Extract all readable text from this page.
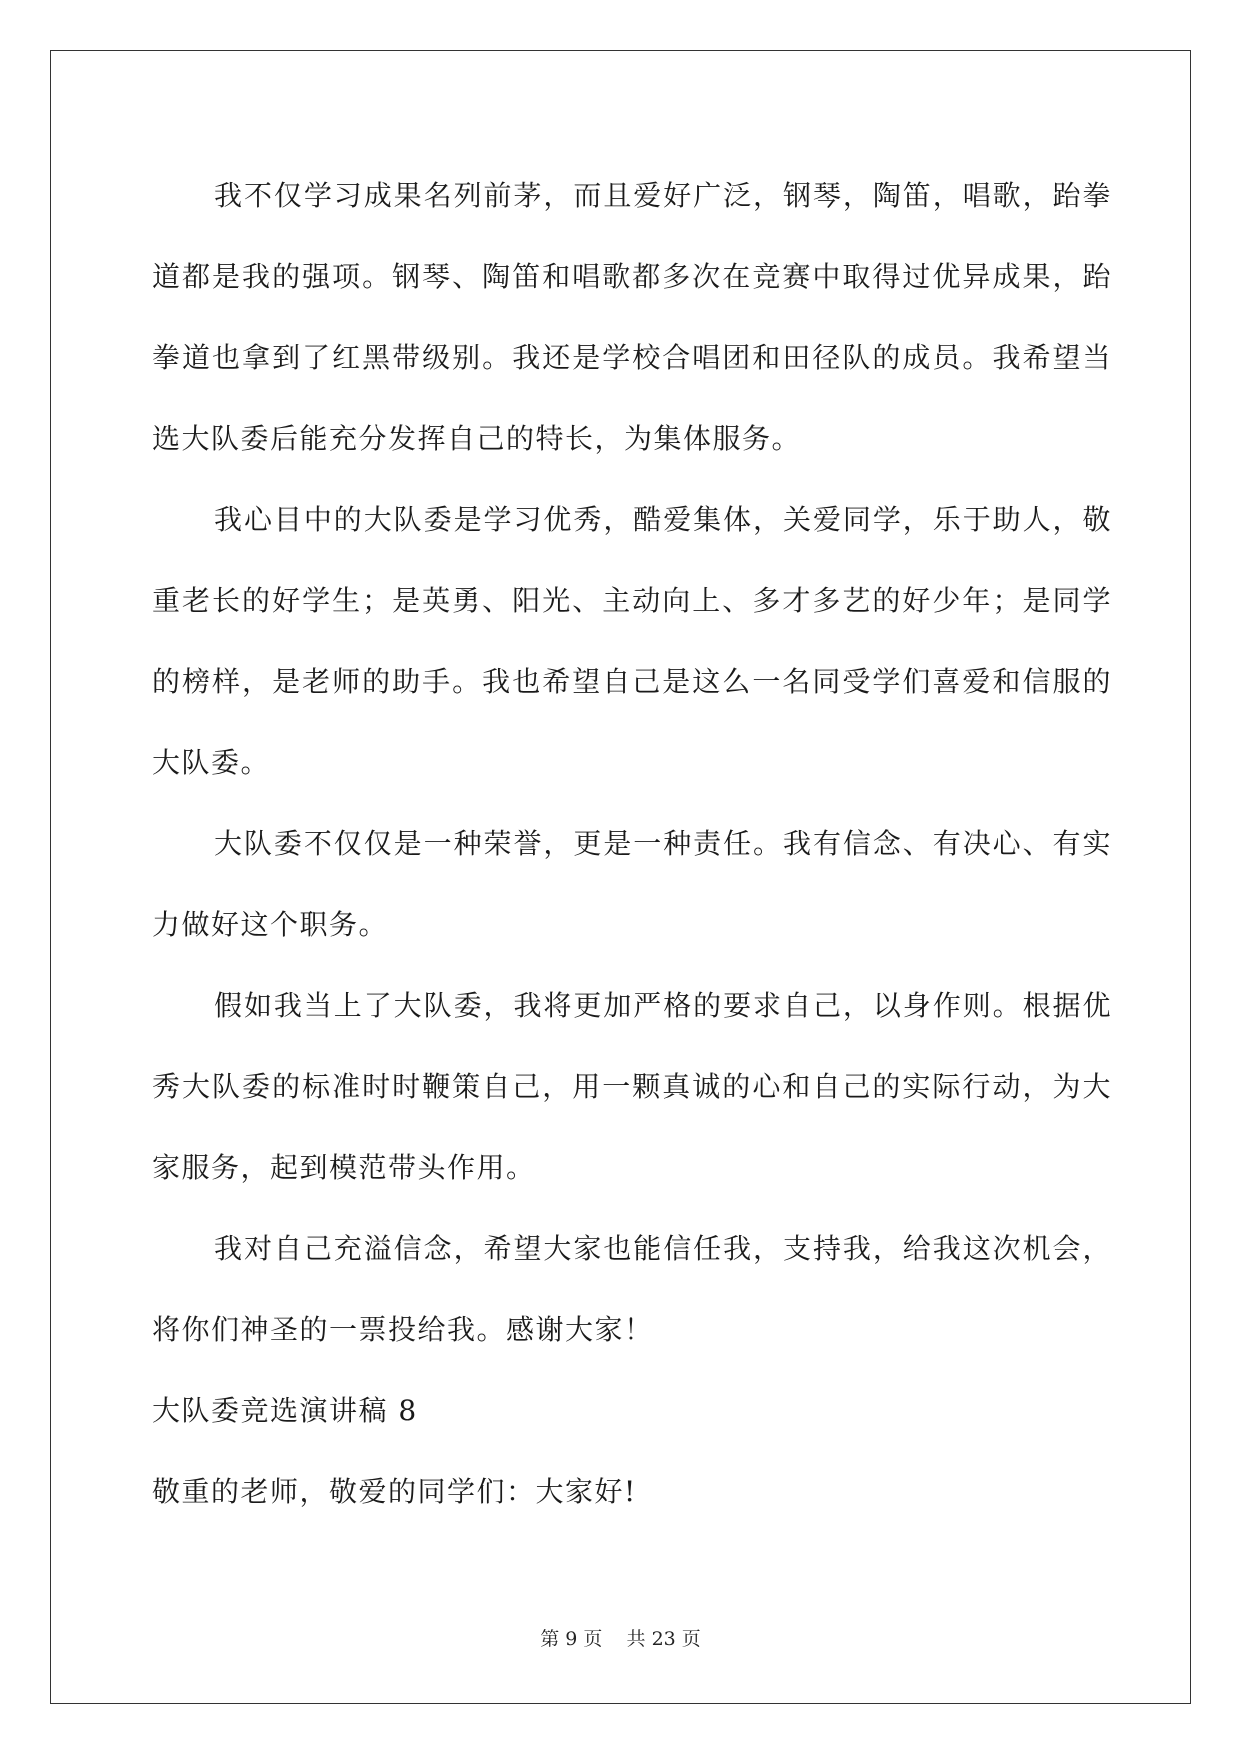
我不仅学习成果名列前茅，而且爱好广泛，钢琴，陶笛，唱歌，跆拳道都是我的强项。钢琴、陶笛和唱歌都多次在竞赛中取得过优异成果，跆拳道也拿到了红黑带级别。我还是学校合唱团和田径队的成员。我希望当选大队委后能充分发挥自己的特长，为集体服务。

我心目中的大队委是学习优秀，酷爱集体，关爱同学，乐于助人，敬重老长的好学生；是英勇、阳光、主动向上、多才多艺的好少年；是同学的榜样，是老师的助手。我也希望自己是这么一名同受学们喜爱和信服的大队委。

大队委不仅仅是一种荣誉，更是一种责任。我有信念、有决心、有实力做好这个职务。

假如我当上了大队委，我将更加严格的要求自己，以身作则。根据优秀大队委的标准时时鞭策自己，用一颗真诚的心和自己的实际行动，为大家服务，起到模范带头作用。

我对自己充溢信念，希望大家也能信任我，支持我，给我这次机会，将你们神圣的一票投给我。感谢大家！

大队委竞选演讲稿 8

敬重的老师，敬爱的同学们：大家好!

第 9 页 共 23 页
